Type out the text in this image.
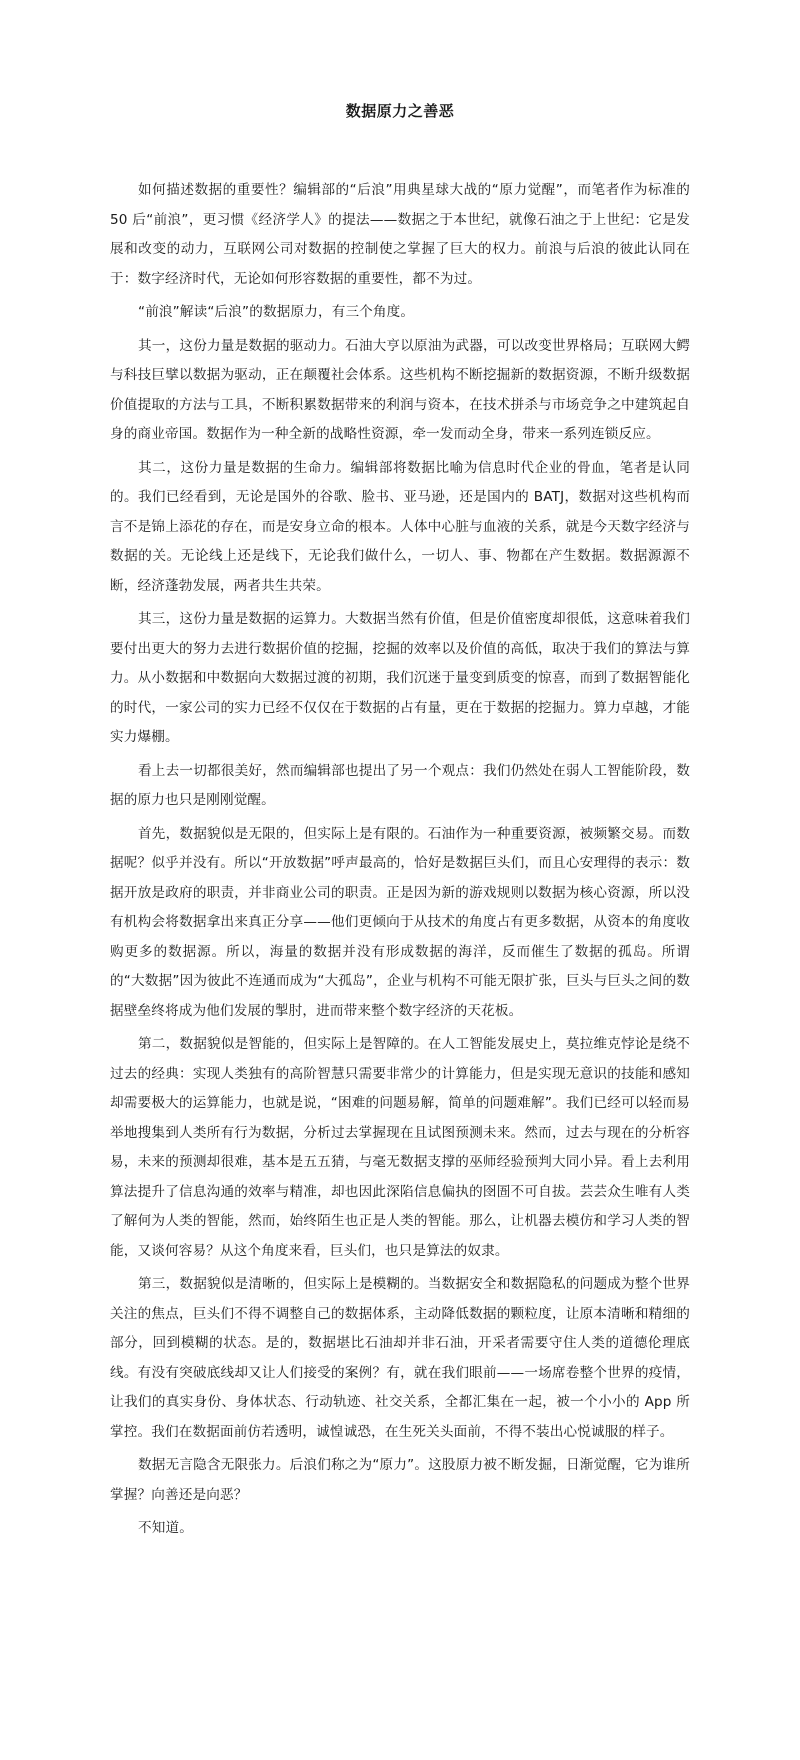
数据原力之善恶

如何描述数据的重要性？编辑部的“后浪”用典星球大战的“原力觉醒”，而笔者作为标准的 50 后“前浪”，更习惯《经济学人》的提法——数据之于本世纪，就像石油之于上世纪：它是发展和改变的动力，互联网公司对数据的控制使之掌握了巨大的权力。前浪与后浪的彼此认同在于：数字经济时代，无论如何形容数据的重要性，都不为过。

“前浪”解读“后浪”的数据原力，有三个角度。

其一，这份力量是数据的驱动力。石油大亨以原油为武器，可以改变世界格局；互联网大鳄与科技巨擘以数据为驱动，正在颠覆社会体系。这些机构不断挖掘新的数据资源，不断升级数据价值提取的方法与工具，不断积累数据带来的利润与资本，在技术拼杀与市场竞争之中建筑起自身的商业帝国。数据作为一种全新的战略性资源，牵一发而动全身，带来一系列连锁反应。

其二，这份力量是数据的生命力。编辑部将数据比喻为信息时代企业的骨血，笔者是认同的。我们已经看到，无论是国外的谷歌、脸书、亚马逊，还是国内的 BATJ，数据对这些机构而言不是锦上添花的存在，而是安身立命的根本。人体中心脏与血液的关系，就是今天数字经济与数据的关。无论线上还是线下，无论我们做什么，一切人、事、物都在产生数据。数据源源不断，经济蓬勃发展，两者共生共荣。

其三，这份力量是数据的运算力。大数据当然有价值，但是价值密度却很低，这意味着我们要付出更大的努力去进行数据价值的挖掘，挖掘的效率以及价值的高低，取决于我们的算法与算力。从小数据和中数据向大数据过渡的初期，我们沉迷于量变到质变的惊喜，而到了数据智能化的时代，一家公司的实力已经不仅仅在于数据的占有量，更在于数据的挖掘力。算力卓越，才能实力爆棚。

看上去一切都很美好，然而编辑部也提出了另一个观点：我们仍然处在弱人工智能阶段，数据的原力也只是刚刚觉醒。

首先，数据貌似是无限的，但实际上是有限的。石油作为一种重要资源，被频繁交易。而数据呢？似乎并没有。所以“开放数据”呼声最高的，恰好是数据巨头们，而且心安理得的表示：数据开放是政府的职责，并非商业公司的职责。正是因为新的游戏规则以数据为核心资源，所以没有机构会将数据拿出来真正分享——他们更倾向于从技术的角度占有更多数据，从资本的角度收购更多的数据源。所以，海量的数据并没有形成数据的海洋，反而催生了数据的孤岛。所谓的“大数据”因为彼此不连通而成为“大孤岛”，企业与机构不可能无限扩张，巨头与巨头之间的数据壁垒终将成为他们发展的掣肘，进而带来整个数字经济的天花板。

第二，数据貌似是智能的，但实际上是智障的。在人工智能发展史上，莫拉维克悖论是绕不过去的经典：实现人类独有的高阶智慧只需要非常少的计算能力，但是实现无意识的技能和感知却需要极大的运算能力，也就是说，“困难的问题易解，简单的问题难解”。我们已经可以轻而易举地搜集到人类所有行为数据，分析过去掌握现在且试图预测未来。然而，过去与现在的分析容易，未来的预测却很难，基本是五五猜，与毫无数据支撑的巫师经验预判大同小异。看上去利用算法提升了信息沟通的效率与精准，却也因此深陷信息偏执的囹圄不可自拔。芸芸众生唯有人类了解何为人类的智能，然而，始终陌生也正是人类的智能。那么，让机器去模仿和学习人类的智能，又谈何容易？从这个角度来看，巨头们，也只是算法的奴隶。

第三，数据貌似是清晰的，但实际上是模糊的。当数据安全和数据隐私的问题成为整个世界关注的焦点，巨头们不得不调整自己的数据体系，主动降低数据的颗粒度，让原本清晰和精细的部分，回到模糊的状态。是的，数据堪比石油却并非石油，开采者需要守住人类的道德伦理底线。有没有突破底线却又让人们接受的案例？有，就在我们眼前——一场席卷整个世界的疫情，让我们的真实身份、身体状态、行动轨迹、社交关系，全都汇集在一起，被一个小小的 App 所掌控。我们在数据面前仿若透明，诚惶诚恐，在生死关头面前，不得不装出心悦诚服的样子。

数据无言隐含无限张力。后浪们称之为“原力”。这股原力被不断发掘，日渐觉醒，它为谁所掌握？向善还是向恶？

不知道。
